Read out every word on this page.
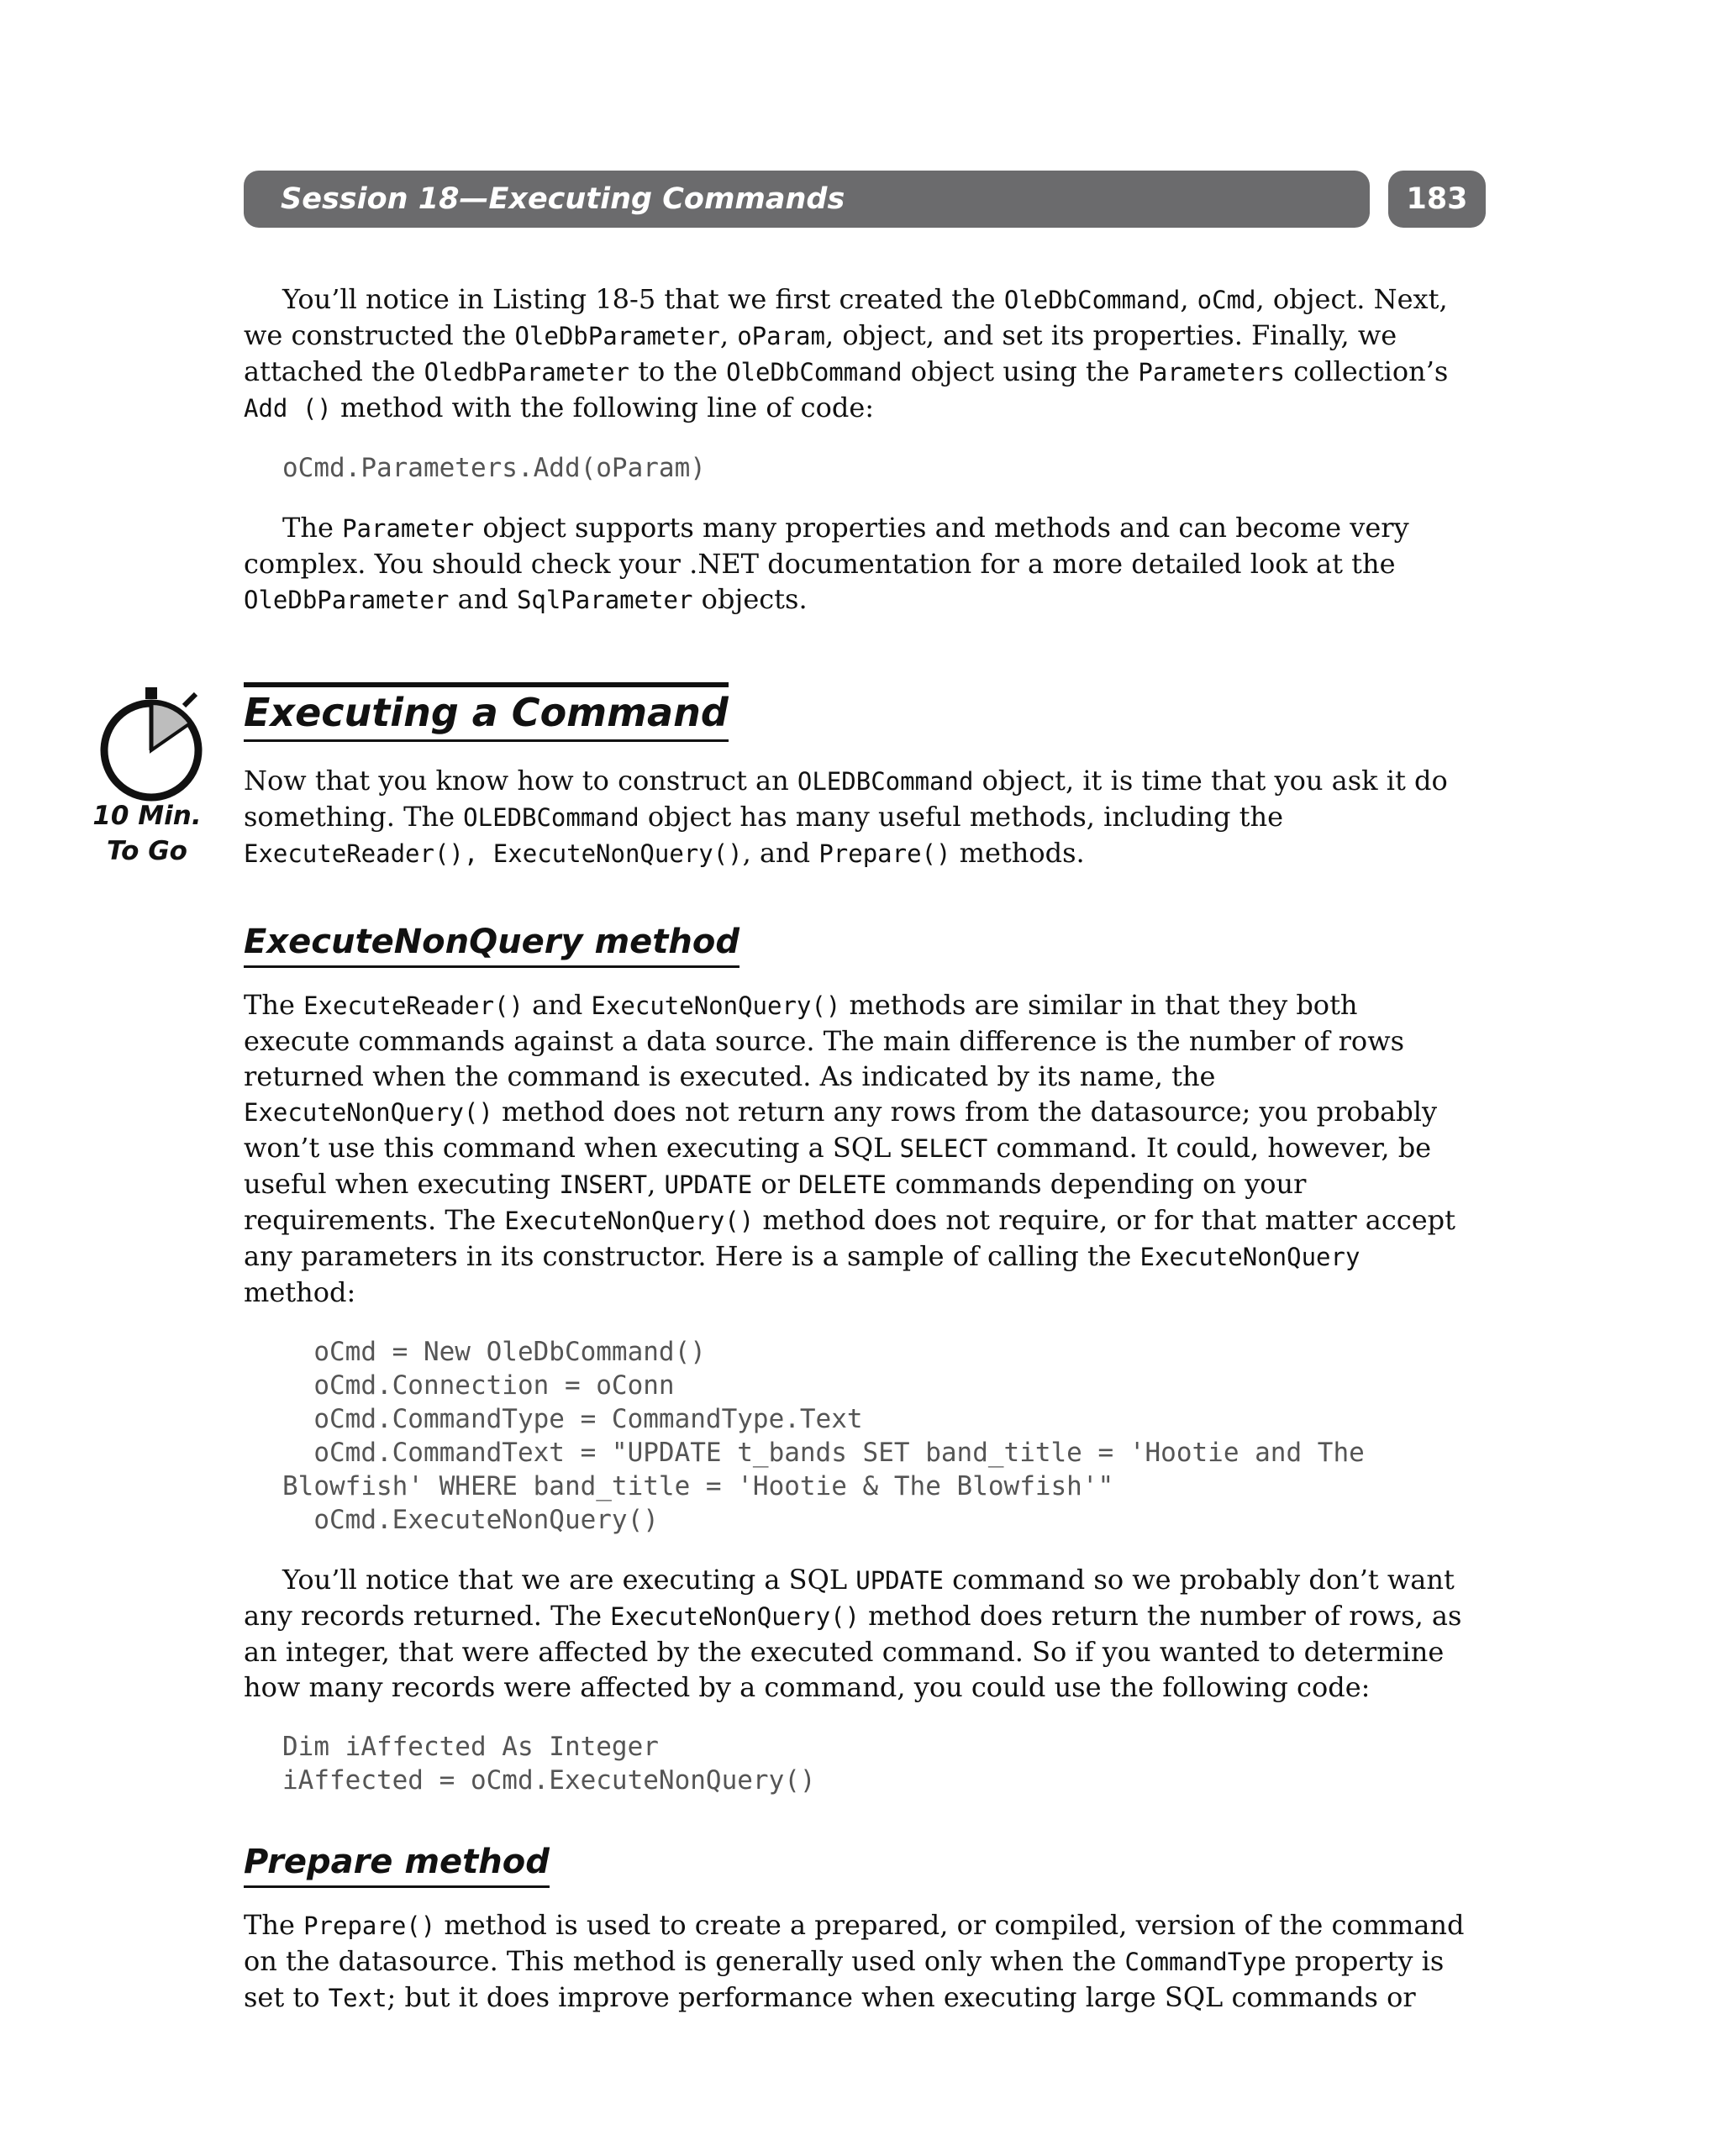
Session 18—Executing Commands	183

You’ll notice in Listing 18-5 that we first created the OleDbCommand, oCmd, object. Next, we constructed the OleDbParameter, oParam, object, and set its properties. Finally, we attached the OledbParameter to the OleDbCommand object using the Parameters collection’s Add () method with the following line of code:

oCmd.Parameters.Add(oParam)

The Parameter object supports many properties and methods and can become very complex. You should check your .NET documentation for a more detailed look at the OleDbParameter and SqlParameter objects.

10 Min.
To Go
Executing a Command

Now that you know how to construct an OLEDBCommand object, it is time that you ask it do something. The OLEDBCommand object has many useful methods, including the ExecuteReader(), ExecuteNonQuery(), and Prepare() methods.

ExecuteNonQuery method

The ExecuteReader() and ExecuteNonQuery() methods are similar in that they both execute commands against a data source. The main difference is the number of rows returned when the command is executed. As indicated by its name, the ExecuteNonQuery() method does not return any rows from the datasource; you probably won’t use this command when executing a SQL SELECT command. It could, however, be useful when executing INSERT, UPDATE or DELETE commands depending on your requirements. The ExecuteNonQuery() method does not require, or for that matter accept any parameters in its constructor. Here is a sample of calling the ExecuteNonQuery method:

oCmd = New OleDbCommand()
oCmd.Connection = oConn
oCmd.CommandType = CommandType.Text
oCmd.CommandText = "UPDATE t_bands SET band_title = 'Hootie and The
Blowfish' WHERE band_title = 'Hootie & The Blowfish'"
oCmd.ExecuteNonQuery()

You’ll notice that we are executing a SQL UPDATE command so we probably don’t want any records returned. The ExecuteNonQuery() method does return the number of rows, as an integer, that were affected by the executed command. So if you wanted to determine how many records were affected by a command, you could use the following code:

Dim iAffected As Integer
iAffected = oCmd.ExecuteNonQuery()
Prepare method

The Prepare() method is used to create a prepared, or compiled, version of the command on the datasource. This method is generally used only when the CommandType property is set to Text; but it does improve performance when executing large SQL commands or
